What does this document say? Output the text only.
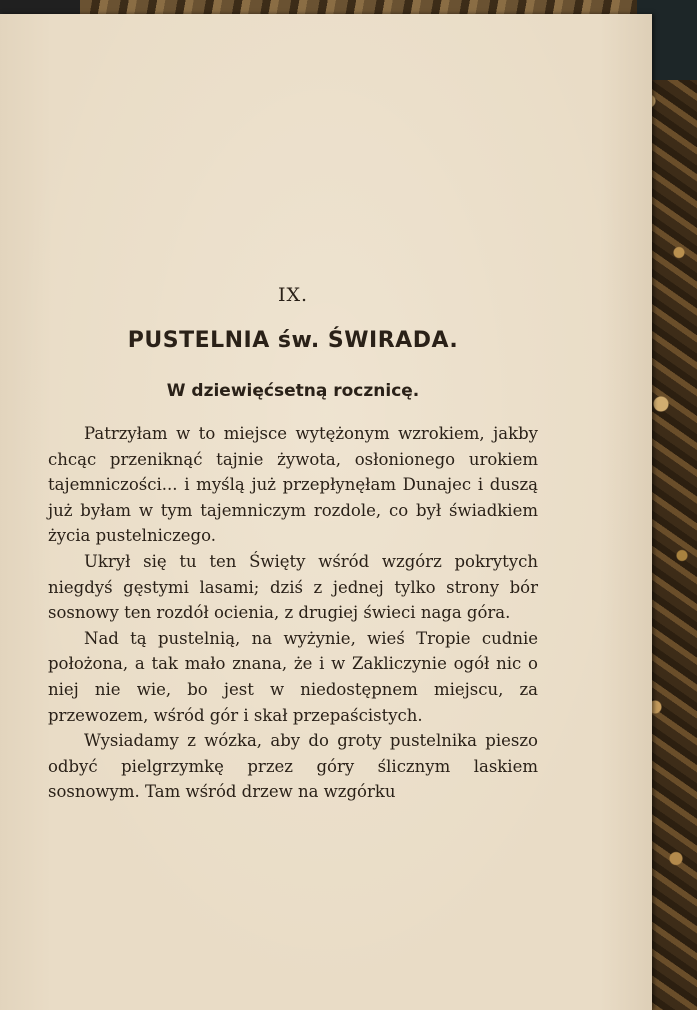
IX.
PUSTELNIA św. ŚWIRADA.
W dziewięćsetną rocznicę.

Patrzyłam w to miejsce wytężonym wzrokiem, jakby chcąc przeniknąć tajnie żywota, osłonionego urokiem tajemniczości... i myślą już przepłynęłam Dunajec i duszą już byłam w tym tajemniczym rozdole, co był świadkiem życia pustelniczego.

Ukrył się tu ten Święty wśród wzgórz pokrytych niegdyś gęstymi lasami; dziś z jednej tylko strony bór sosnowy ten rozdół ocienia, z drugiej świeci naga góra.

Nad tą pustelnią, na wyżynie, wieś Tropie cudnie położona, a tak mało znana, że i w Zakliczynie ogół nic o niej nie wie, bo jest w niedostępnem miejscu, za przewozem, wśród gór i skał przepaścistych.

Wysiadamy z wózka, aby do groty pustelnika pieszo odbyć pielgrzymkę przez góry ślicznym laskiem sosnowym. Tam wśród drzew na wzgórku
